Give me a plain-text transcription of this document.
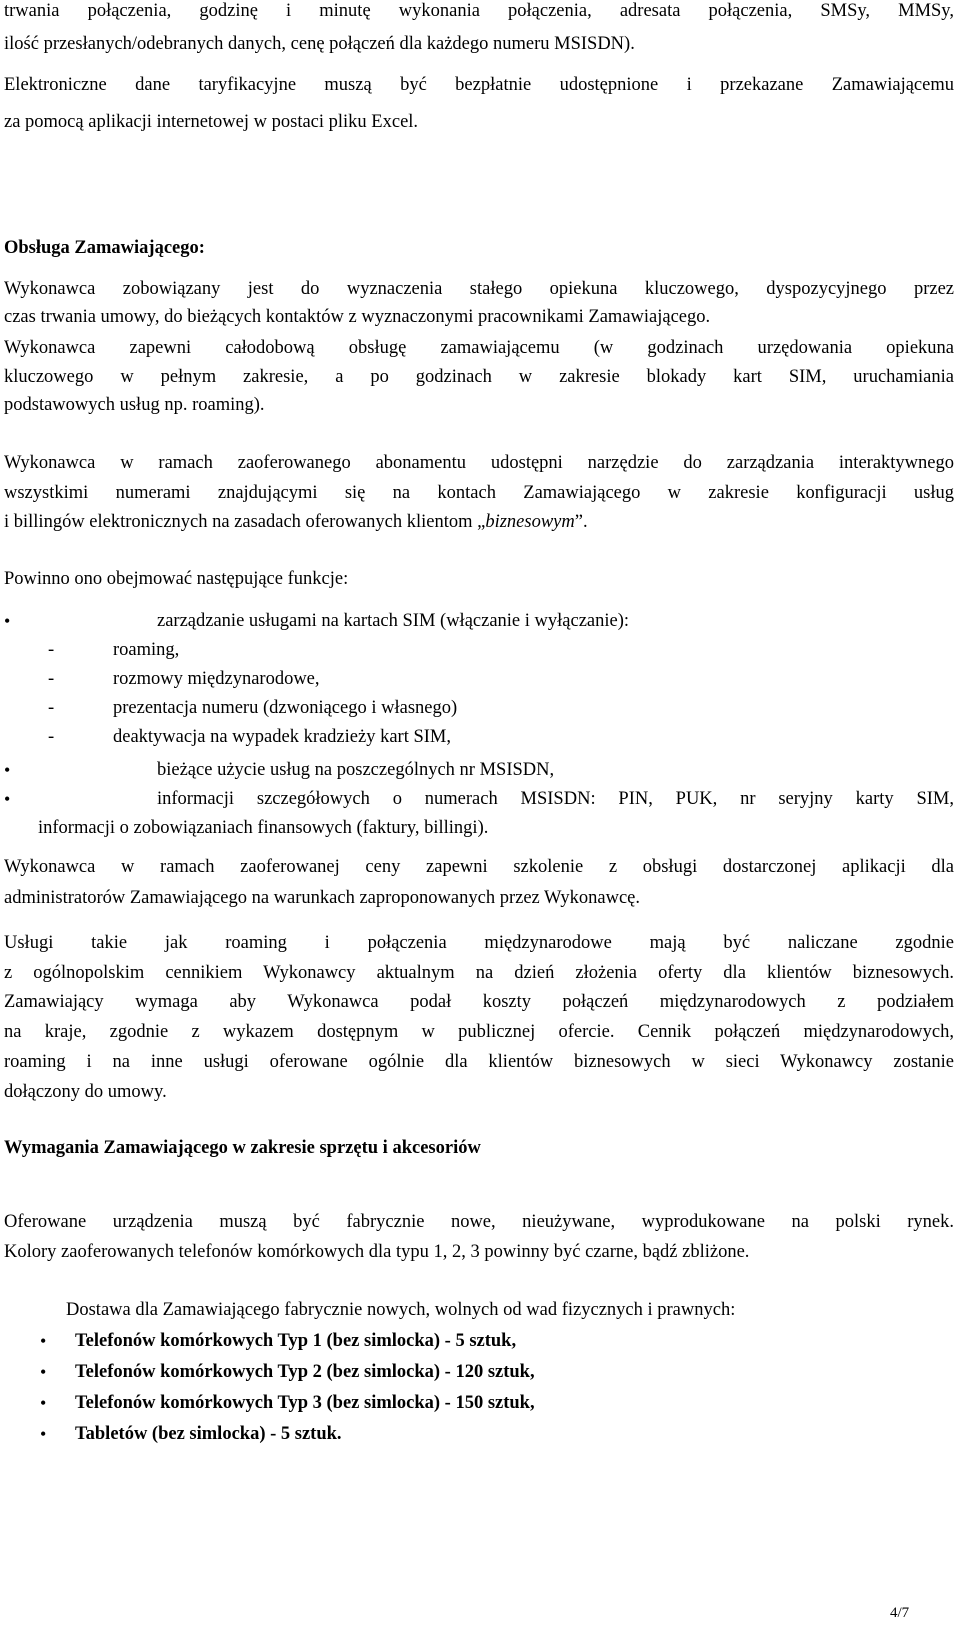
trwania połączenia, godzinę i minutę wykonania połączenia, adresata połączenia, SMSy, MMSy,
ilość przesłanych/odebranych danych, cenę połączeń dla każdego numeru MSISDN).
Elektroniczne dane taryfikacyjne muszą być bezpłatnie udostępnione i przekazane Zamawiającemu
za pomocą aplikacji internetowej w postaci pliku Excel.
Obsługa Zamawiającego:
Wykonawca zobowiązany jest do wyznaczenia stałego opiekuna kluczowego, dyspozycyjnego przez
czas trwania umowy, do bieżących kontaktów z wyznaczonymi pracownikami Zamawiającego.
Wykonawca zapewni całodobową obsługę zamawiającemu (w godzinach urzędowania opiekuna
kluczowego w pełnym zakresie, a po godzinach w zakresie blokady kart SIM, uruchamiania
podstawowych usług np. roaming).
Wykonawca w ramach zaoferowanego abonamentu udostępni narzędzie do zarządzania interaktywnego
wszystkimi numerami znajdującymi się na kontach Zamawiającego w zakresie konfiguracji usług
i billingów elektronicznych na zasadach oferowanych klientom „biznesowym”.
Powinno ono obejmować następujące funkcje:
•	zarządzanie usługami na kartach SIM (włączanie i wyłączanie):
-	roaming,
-	rozmowy międzynarodowe,
-	prezentacja numeru (dzwoniącego i własnego)
-	deaktywacja na wypadek kradzieży kart SIM,
•	bieżące użycie usług na poszczególnych nr MSISDN,
•	informacji szczegółowych o numerach MSISDN: PIN, PUK, nr seryjny karty SIM,
informacji o zobowiązaniach finansowych (faktury, billingi).
Wykonawca w ramach zaoferowanej ceny zapewni szkolenie z obsługi dostarczonej aplikacji dla
administratorów Zamawiającego na warunkach zaproponowanych przez Wykonawcę.
Usługi takie jak roaming i połączenia międzynarodowe mają być naliczane zgodnie
z ogólnopolskim cennikiem Wykonawcy aktualnym na dzień złożenia oferty dla klientów biznesowych.
Zamawiający wymaga aby Wykonawca podał koszty połączeń międzynarodowych z podziałem
na kraje, zgodnie z wykazem dostępnym w publicznej ofercie. Cennik połączeń międzynarodowych,
roaming i na inne usługi oferowane ogólnie dla klientów biznesowych w sieci Wykonawcy zostanie
dołączony do umowy.
Wymagania Zamawiającego w zakresie sprzętu i akcesoriów
Oferowane urządzenia muszą być fabrycznie nowe, nieużywane, wyprodukowane na polski rynek.
Kolory zaoferowanych telefonów komórkowych dla typu 1, 2, 3 powinny być czarne, bądź zbliżone.
Dostawa dla Zamawiającego fabrycznie nowych, wolnych od wad fizycznych i prawnych:
• Telefonów komórkowych Typ 1 (bez simlocka) - 5 sztuk,
• Telefonów komórkowych Typ 2 (bez simlocka) - 120 sztuk,
• Telefonów komórkowych Typ 3 (bez simlocka) - 150 sztuk,
• Tabletów (bez simlocka) - 5 sztuk.
4/7
